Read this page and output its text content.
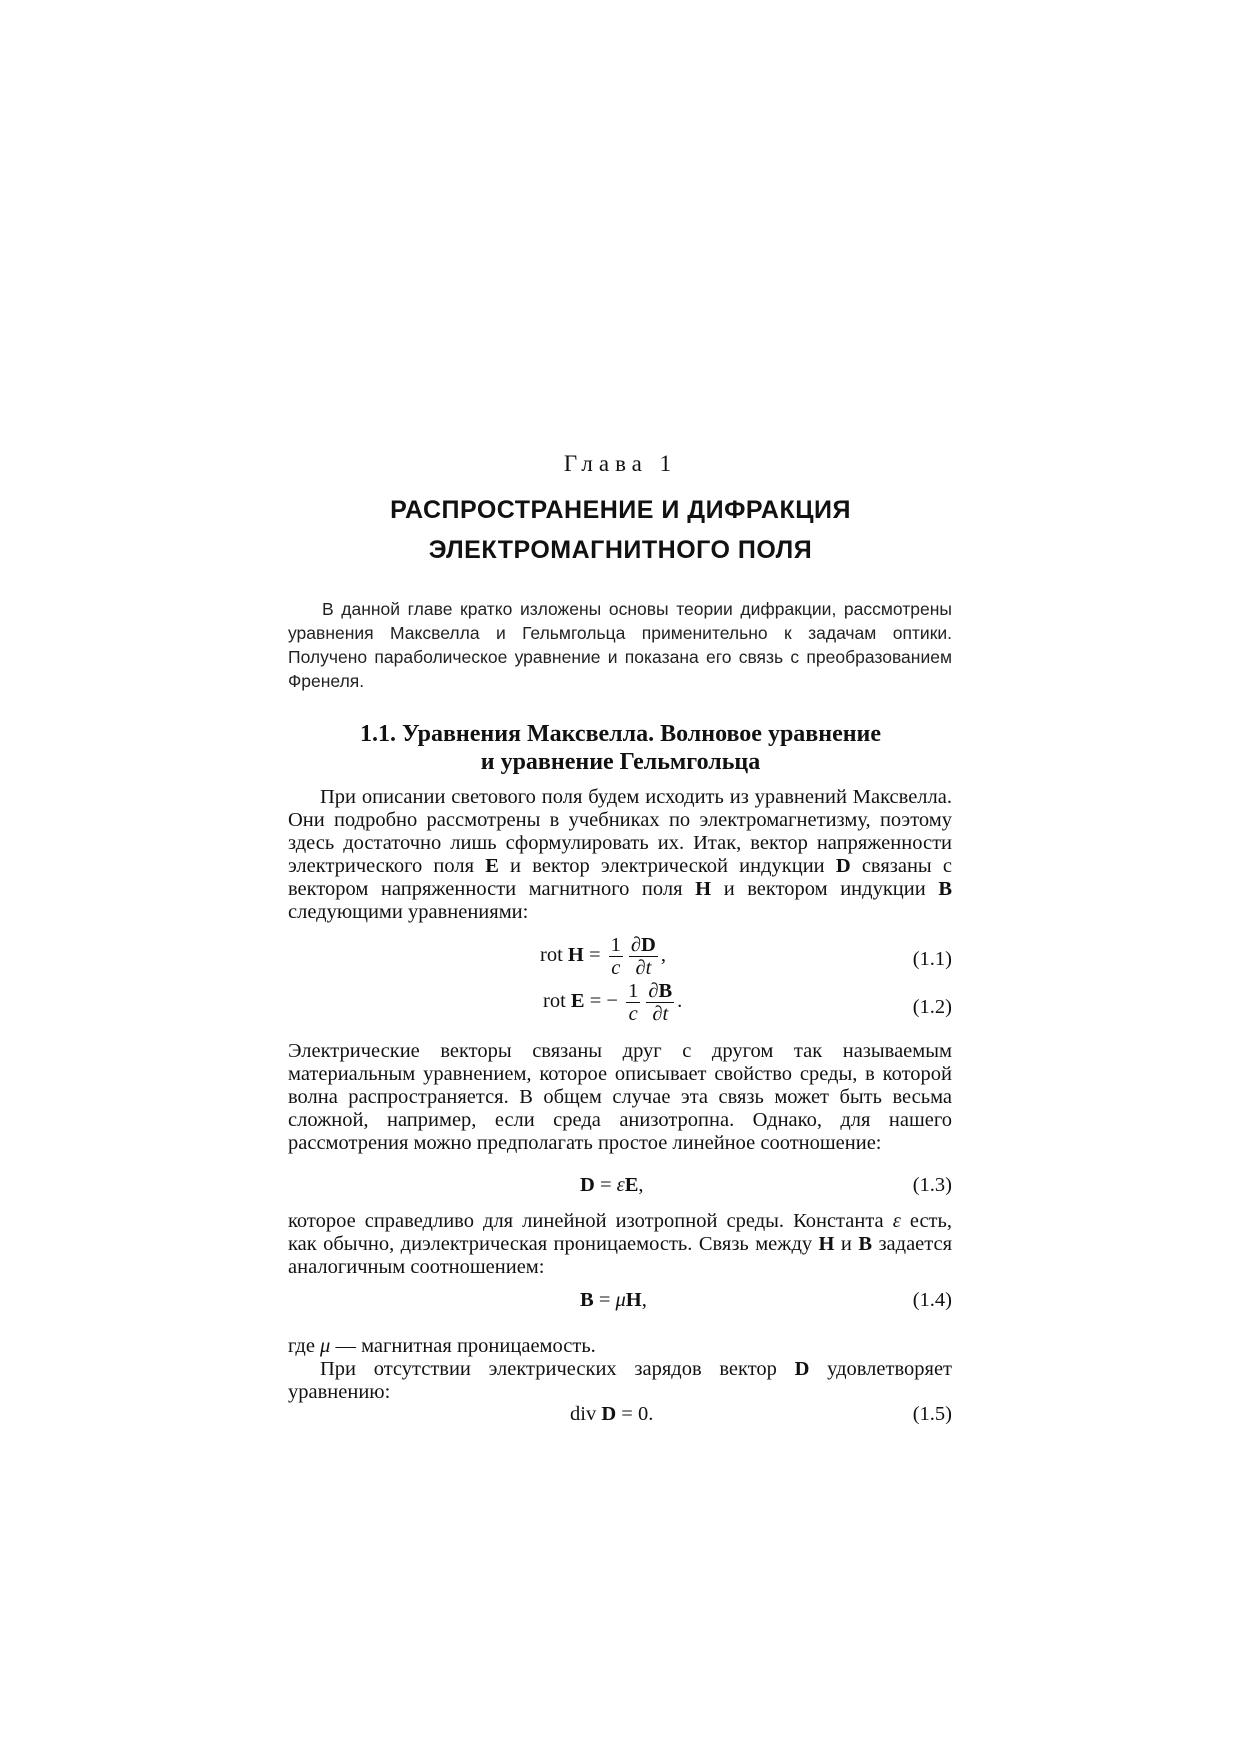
Глава 1
РАСПРОСТРАНЕНИЕ И ДИФРАКЦИЯ
ЭЛЕКТРОМАГНИТНОГО ПОЛЯ
В данной главе кратко изложены основы теории дифракции, рассмотрены уравнения Максвелла и Гельмгольца применительно к задачам оптики. Получено параболическое уравнение и показана его связь с преобразованием Френеля.
1.1. Уравнения Максвелла. Волновое уравнение
и уравнение Гельмгольца
При описании светового поля будем исходить из уравнений Максвелла. Они подробно рассмотрены в учебниках по электромагнетизму, поэтому здесь достаточно лишь сформулировать их. Итак, вектор напряженности электрического поля E и вектор электрической индукции D связаны с вектором напряженности магнитного поля H и вектором индукции B следующими уравнениями:
rot $H = \frac{1}{c} \frac{\partial D}{\partial t}$ ,	(1.1)
rot E = − $\frac{1}{c} \frac{\partial B}{\partial t}$ .	(1.2)
Электрические векторы связаны друг с другом так называемым материальным уравнением, которое описывает свойство среды, в которой волна распространяется. В общем случае эта связь может быть весьма сложной, например, если среда анизотропна. Однако, для нашего рассмотрения можно предполагать простое линейное соотношение:
D = εE,	(1.3)
которое справедливо для линейной изотропной среды. Константа ε есть, как обычно, диэлектрическая проницаемость. Связь между H и B задается аналогичным соотношением:
B = μH,	(1.4)
где μ — магнитная проницаемость.
При отсутствии электрических зарядов вектор D удовлетворяет уравнению:
div D = 0.	(1.5)
